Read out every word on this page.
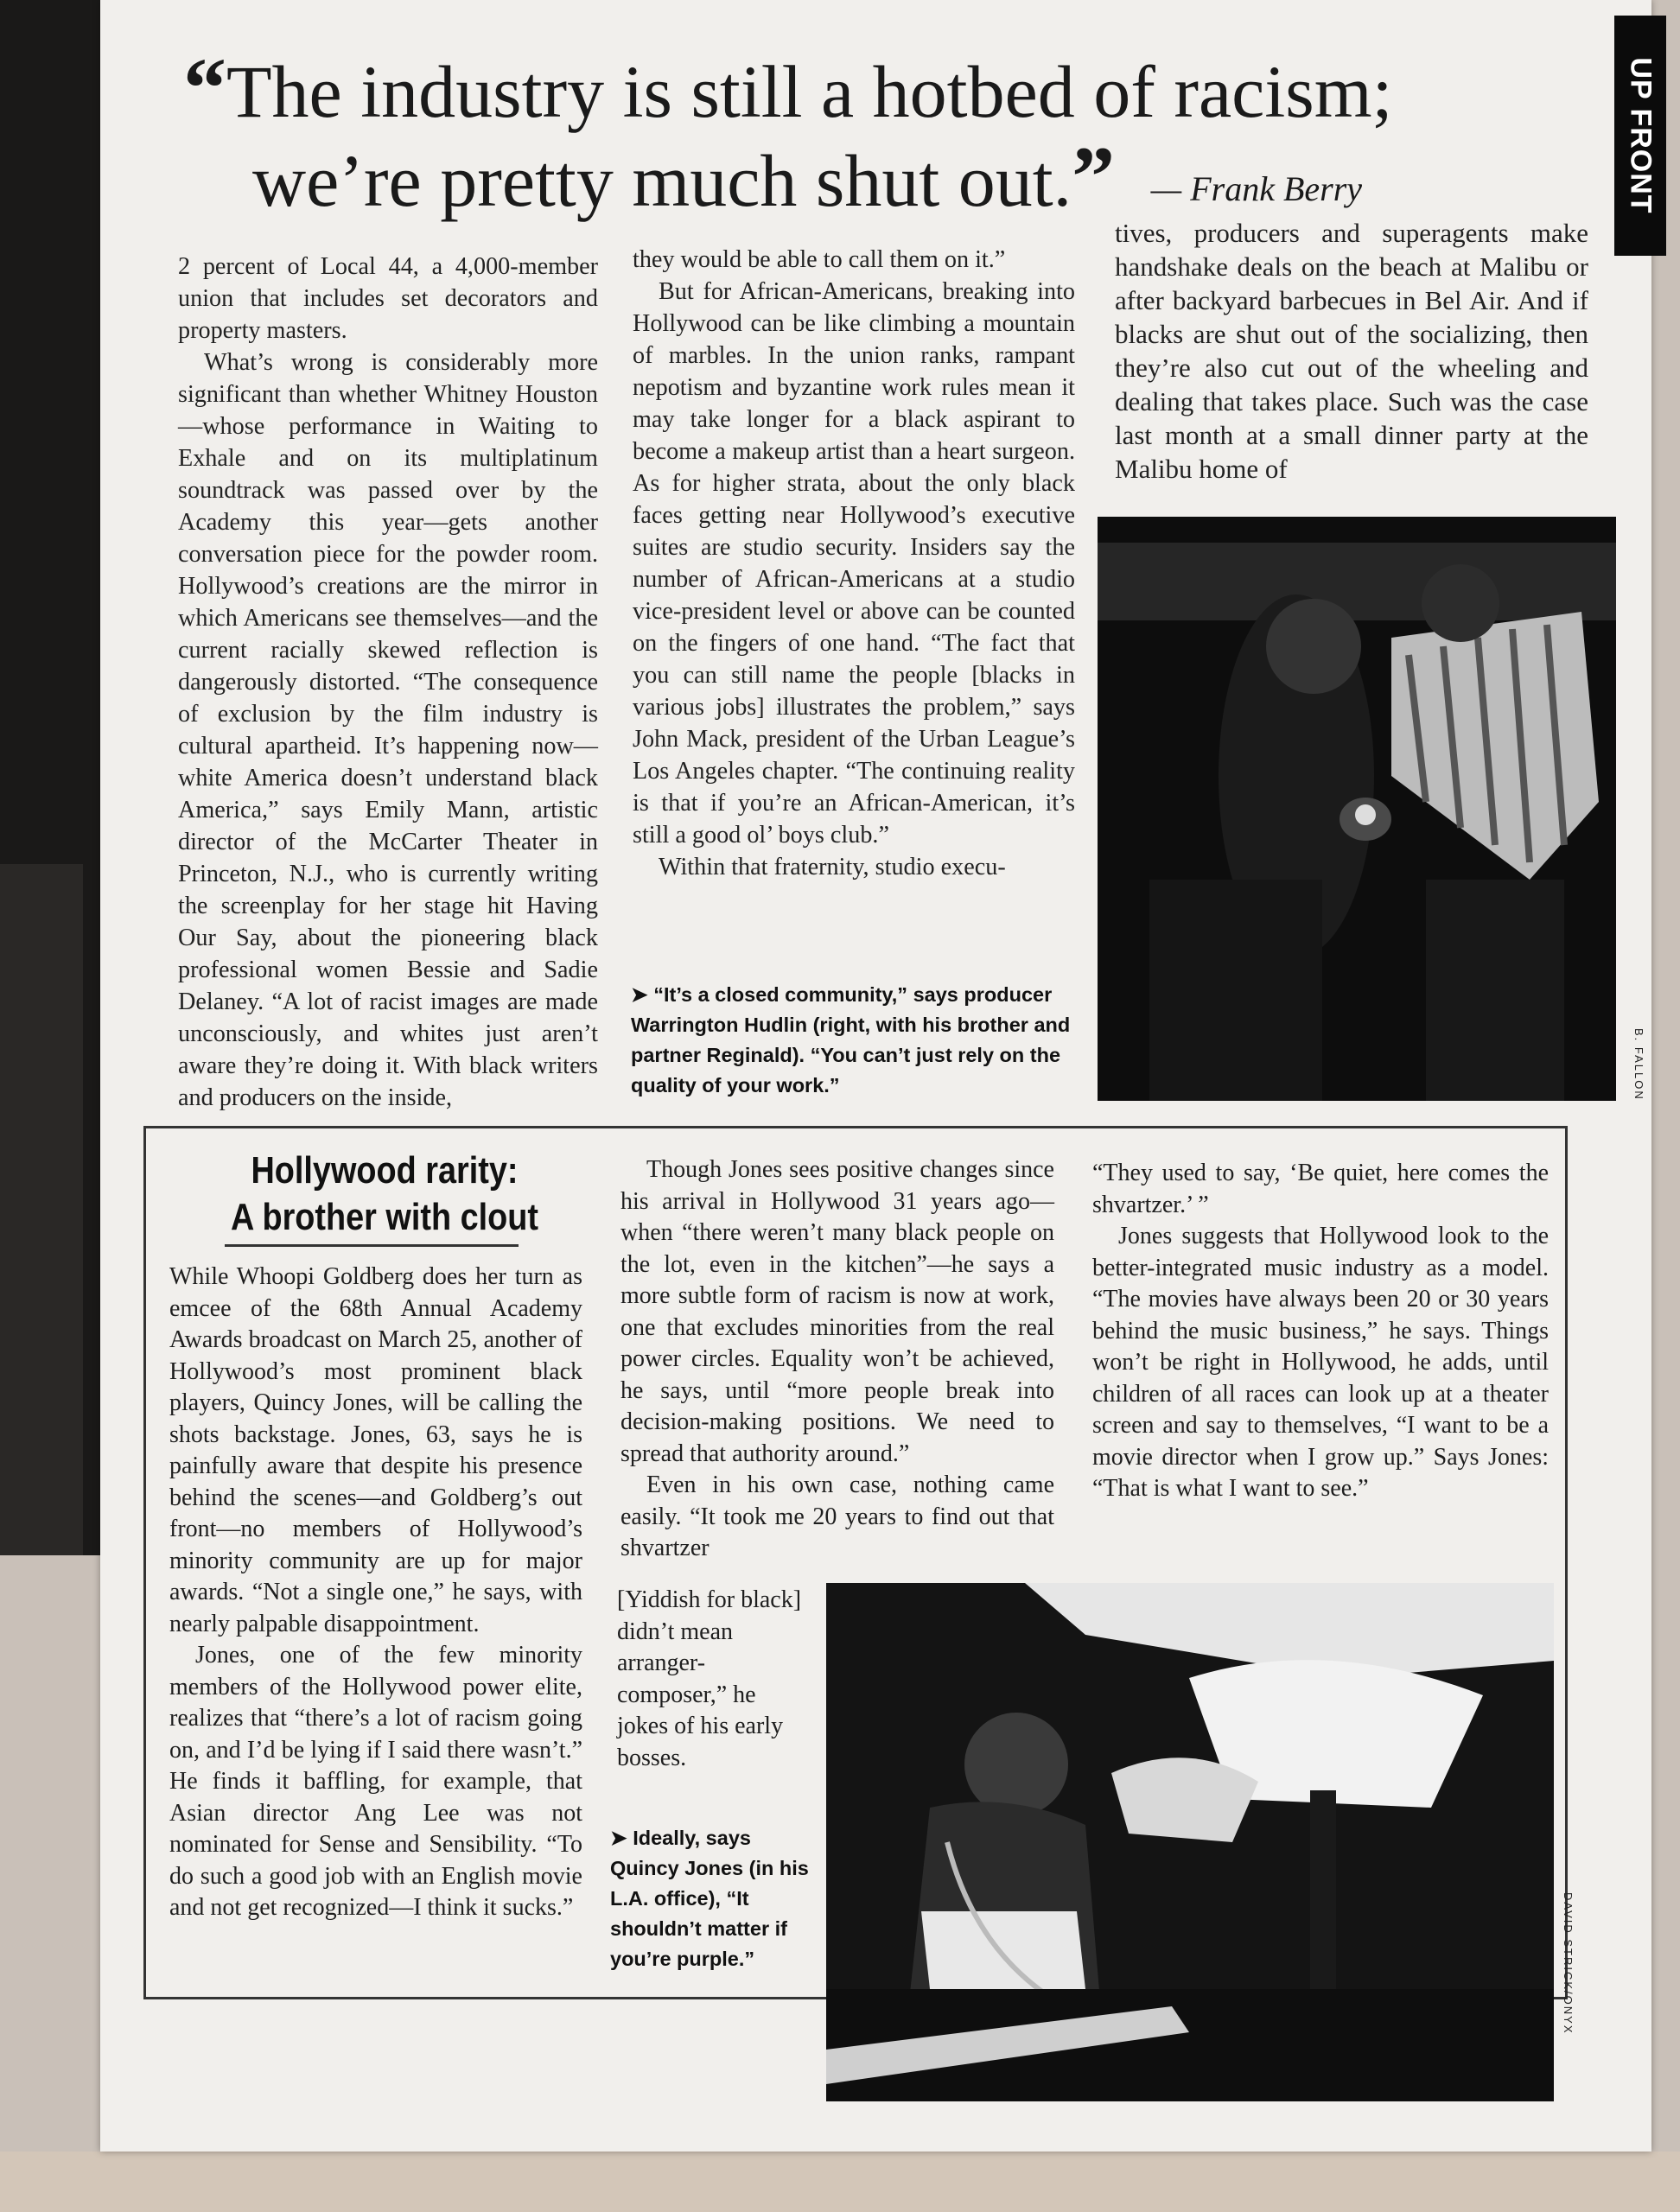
UP FRONT
“The industry is still a hotbed of racism;
we’re pretty much shut out.” — Frank Berry

2 percent of Local 44, a 4,000-member union that includes set decorators and property masters.

What’s wrong is considerably more significant than whether Whitney Houston—whose performance in Waiting to Exhale and on its multiplatinum soundtrack was passed over by the Academy this year—gets another conversation piece for the powder room. Hollywood’s creations are the mirror in which Americans see themselves—and the current racially skewed reflection is dangerously distorted. “The consequence of exclusion by the film industry is cultural apartheid. It’s happening now—white America doesn’t understand black America,” says Emily Mann, artistic director of the McCarter Theater in Princeton, N.J., who is currently writing the screenplay for her stage hit Having Our Say, about the pioneering black professional women Bessie and Sadie Delaney. “A lot of racist images are made unconsciously, and whites just aren’t aware they’re doing it. With black writers and producers on the inside,

they would be able to call them on it.”

But for African-Americans, breaking into Hollywood can be like climbing a mountain of marbles. In the union ranks, rampant nepotism and byzantine work rules mean it may take longer for a black aspirant to become a makeup artist than a heart surgeon. As for higher strata, about the only black faces getting near Hollywood’s executive suites are studio security. Insiders say the number of African-Americans at a studio vice-president level or above can be counted on the fingers of one hand. “The fact that you can still name the people [blacks in various jobs] illustrates the problem,” says John Mack, president of the Urban League’s Los Angeles chapter. “The continuing reality is that if you’re an African-American, it’s still a good ol’ boys club.”

Within that fraternity, studio execu-

tives, producers and superagents make handshake deals on the beach at Malibu or after backyard barbecues in Bel Air. And if blacks are shut out of the socializing, then they’re also cut out of the wheeling and dealing that takes place. Such was the case last month at a small dinner party at the Malibu home of

➤ “It’s a closed community,” says producer Warrington Hudlin (right, with his brother and partner Reginald). “You can’t just rely on the quality of your work.”	B. FALLON
Hollywood rarity:
A brother with clout

While Whoopi Goldberg does her turn as emcee of the 68th Annual Academy Awards broadcast on March 25, another of Hollywood’s most prominent black players, Quincy Jones, will be calling the shots backstage. Jones, 63, says he is painfully aware that despite his presence behind the scenes—and Goldberg’s out front—no members of Hollywood’s minority community are up for major awards. “Not a single one,” he says, with nearly palpable disappointment.

Jones, one of the few minority members of the Hollywood power elite, realizes that “there’s a lot of racism going on, and I’d be lying if I said there wasn’t.” He finds it baffling, for example, that Asian director Ang Lee was not nominated for Sense and Sensibility. “To do such a good job with an English movie and not get recognized—I think it sucks.”

Though Jones sees positive changes since his arrival in Hollywood 31 years ago—when “there weren’t many black people on the lot, even in the kitchen”—he says a more subtle form of racism is now at work, one that excludes minorities from the real power circles. Equality won’t be achieved, he says, until “more people break into decision-making positions. We need to spread that authority around.”

Even in his own case, nothing came easily. “It took me 20 years to find out that shvartzer

[Yiddish for black] didn’t mean arranger-composer,” he jokes of his early bosses.

“They used to say, ‘Be quiet, here comes the shvartzer.’ ”

Jones suggests that Hollywood look to the better-integrated music industry as a model. “The movies have always been 20 or 30 years behind the music business,” he says. Things won’t be right in Hollywood, he adds, until children of all races can look up at a theater screen and say to themselves, “I want to be a movie director when I grow up.” Says Jones: “That is what I want to see.”

➤ Ideally, says Quincy Jones (in his L.A. office), “It shouldn’t matter if you’re purple.”	DAVID STRICK/ONYX
